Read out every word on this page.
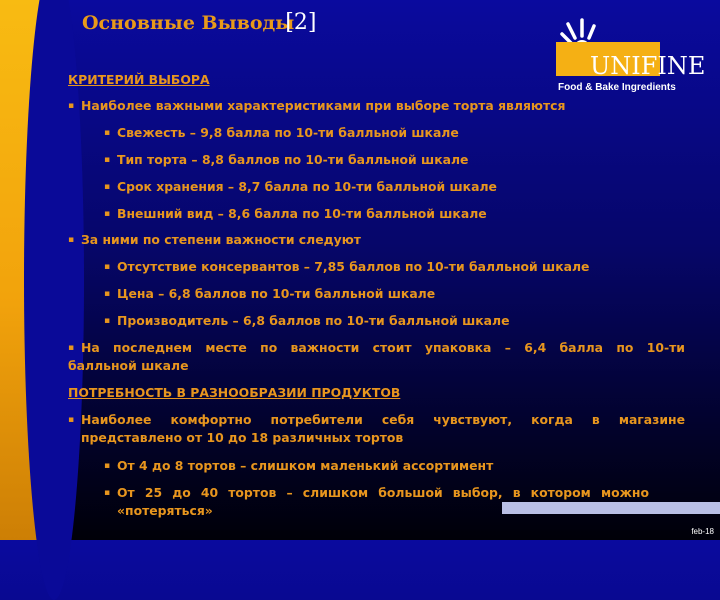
Основные Выводы[2]
UNIFINE
Food & Bake Ingredients
КРИТЕРИЙ ВЫБОРА
▪ Наиболее важными характеристиками при выборе торта являются
▪ Свежесть – 9,8 балла по 10-ти балльной шкале
▪ Тип торта – 8,8 баллов по 10-ти балльной шкале
▪ Срок хранения – 8,7 балла по 10-ти балльной шкале
▪ Внешний вид – 8,6 балла по 10-ти балльной шкале
▪ За ними по степени важности следуют
▪ Отсутствие консервантов – 7,85 баллов по 10-ти балльной шкале
▪ Цена – 6,8 баллов по 10-ти балльной шкале
▪ Производитель – 6,8 баллов по 10-ти балльной шкале
▪ На последнем месте по важности стоит упаковка – 6,4 балла по 10-ти
балльной шкале
ПОТРЕБНОСТЬ В РАЗНООБРАЗИИ ПРОДУКТОВ
▪ Наиболее комфортно потребители себя чувствуют, когда в магазине
представлено от 10 до 18 различных тортов
▪ От 4 до 8 тортов – слишком маленький ассортимент
▪ От 25 до 40 тортов – слишком большой выбор, в котором можно
«потеряться»
feb-18
